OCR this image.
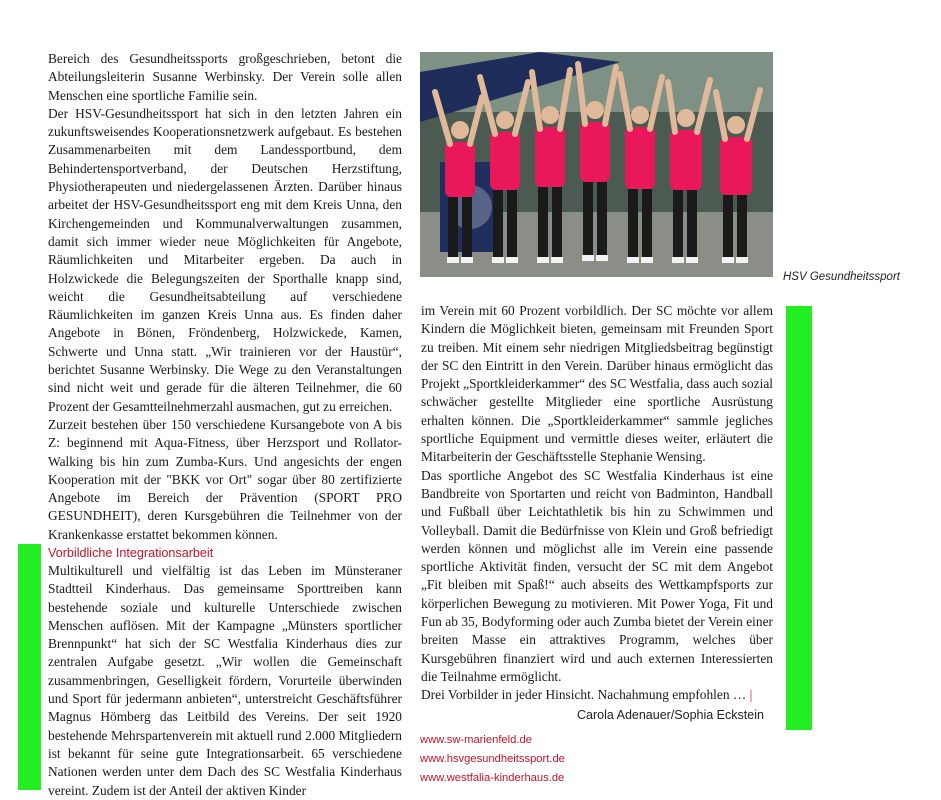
Bereich des Gesundheitssports großgeschrieben, betont die Abteilungsleiterin Susanne Werbinsky. Der Verein solle allen Menschen eine sportliche Familie sein.

Der HSV-Gesundheitssport hat sich in den letzten Jahren ein zukunftsweisendes Kooperationsnetzwerk aufgebaut. Es bestehen Zusammenarbeiten mit dem Landessportbund, dem Behindertensportverband, der Deutschen Herzstiftung, Physiotherapeuten und niedergelassenen Ärzten. Darüber hinaus arbeitet der HSV-Gesundheitssport eng mit dem Kreis Unna, den Kirchengemeinden und Kommunalverwaltungen zusammen, damit sich immer wieder neue Möglichkeiten für Angebote, Räumlichkeiten und Mitarbeiter ergeben. Da auch in Holzwickede die Belegungszeiten der Sporthalle knapp sind, weicht die Gesundheitsabteilung auf verschiedene Räumlichkeiten im ganzen Kreis Unna aus. Es finden daher Angebote in Bönen, Fröndenberg, Holzwickede, Kamen, Schwerte und Unna statt. „Wir trainieren vor der Haustür“, berichtet Susanne Werbinsky. Die Wege zu den Veranstaltungen sind nicht weit und gerade für die älteren Teilnehmer, die 60 Prozent der Gesamtteilnehmerzahl ausmachen, gut zu erreichen.

Zurzeit bestehen über 150 verschiedene Kursangebote von A bis Z: beginnend mit Aqua-Fitness, über Herzsport und Rollator-Walking bis hin zum Zumba-Kurs. Und angesichts der engen Kooperation mit der "BKK vor Ort" sogar über 80 zertifizierte Angebote im Bereich der Prävention (SPORT PRO GESUNDHEIT), deren Kursgebühren die Teilnehmer von der Krankenkasse erstattet bekommen können.

Vorbildliche Integrationsarbeit

Multikulturell und vielfältig ist das Leben im Münsteraner Stadtteil Kinderhaus. Das gemeinsame Sporttreiben kann bestehende soziale und kulturelle Unterschiede zwischen Menschen auflösen. Mit der Kampagne „Münsters sportlicher Brennpunkt“ hat sich der SC Westfalia Kinderhaus dies zur zentralen Aufgabe gesetzt. „Wir wollen die Gemeinschaft zusammenbringen, Geselligkeit fördern, Vorurteile überwinden und Sport für jedermann anbieten“, unterstreicht Geschäftsführer Magnus Hömberg das Leitbild des Vereins. Der seit 1920 bestehende Mehrspartenverein mit aktuell rund 2.000 Mitgliedern ist bekannt für seine gute Integrationsarbeit. 65 verschiedene Nationen werden unter dem Dach des SC Westfalia Kinderhaus vereint. Zudem ist der Anteil der aktiven Kinder

HSV Gesundheitssport

im Verein mit 60 Prozent vorbildlich. Der SC möchte vor allem Kindern die Möglichkeit bieten, gemeinsam mit Freunden Sport zu treiben. Mit einem sehr niedrigen Mitgliedsbeitrag begünstigt der SC den Eintritt in den Verein. Darüber hinaus ermöglicht das Projekt „Sportkleiderkammer“ des SC Westfalia, dass auch sozial schwächer gestellte Mitglieder eine sportliche Ausrüstung erhalten können. Die „Sportkleiderkammer“ sammle jegliches sportliche Equipment und vermittle dieses weiter, erläutert die Mitarbeiterin der Geschäftsstelle Stephanie Wensing.

Das sportliche Angebot des SC Westfalia Kinderhaus ist eine Bandbreite von Sportarten und reicht von Badminton, Handball und Fußball über Leichtathletik bis hin zu Schwimmen und Volleyball. Damit die Bedürfnisse von Klein und Groß befriedigt werden können und möglichst alle im Verein eine passende sportliche Aktivität finden, versucht der SC mit dem Angebot „Fit bleiben mit Spaß!“ auch abseits des Wettkampfsports zur körperlichen Bewegung zu motivieren. Mit Power Yoga, Fit und Fun ab 35, Bodyforming oder auch Zumba bietet der Verein einer breiten Masse ein attraktives Programm, welches über Kursgebühren finanziert wird und auch externen Interessierten die Teilnahme ermöglicht.

Drei Vorbilder in jeder Hinsicht. Nachahmung empfohlen … |

Carola Adenauer/Sophia Eckstein
www.sw-marienfeld.de
www.hsvgesundheitssport.de
www.westfalia-kinderhaus.de
